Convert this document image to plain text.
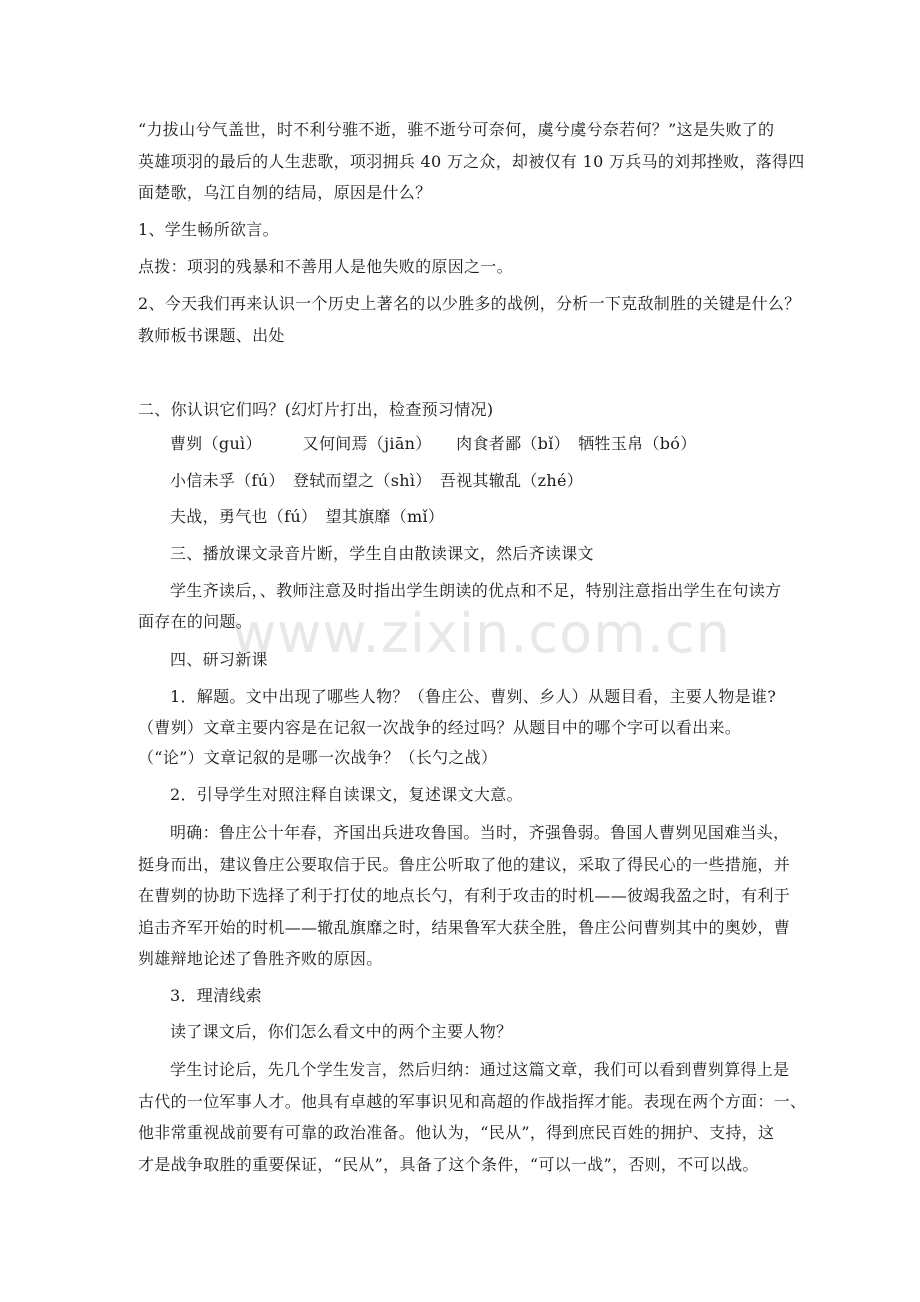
www.zixin.com.cn
“力拔山兮气盖世，时不利兮骓不逝，骓不逝兮可奈何，虞兮虞兮奈若何？”这是失败了的
英雄项羽的最后的人生悲歌，项羽拥兵 40 万之众，却被仅有 10 万兵马的刘邦挫败，落得四
面楚歌，乌江自刎的结局，原因是什么？
1、学生畅所欲言。
点拨：项羽的残暴和不善用人是他失败的原因之一。
2、今天我们再来认识一个历史上著名的以少胜多的战例，分析一下克敌制胜的关键是什么？
教师板书课题、出处
二、你认识它们吗？(幻灯片打出，检查预习情况)
曹刿（guì）　　　又何间焉（jiān）　　肉食者鄙（bǐ）　牺牲玉帛（bó）
小信未孚（fú）　登轼而望之（shì）　吾视其辙乱（zhé）
夫战，勇气也（fú）　望其旗靡（mǐ）
三、播放课文录音片断，学生自由散读课文，然后齐读课文
学生齐读后，、教师注意及时指出学生朗读的优点和不足，特别注意指出学生在句读方
面存在的问题。
四、研习新课
1．解题。文中出现了哪些人物？（鲁庄公、曹刿、乡人）从题目看，主要人物是谁?
（曹刿）文章主要内容是在记叙一次战争的经过吗？从题目中的哪个字可以看出来。
（“论”）文章记叙的是哪一次战争？（长勺之战）
2．引导学生对照注释自读课文，复述课文大意。
明确：鲁庄公十年春，齐国出兵进攻鲁国。当时，齐强鲁弱。鲁国人曹刿见国难当头，
挺身而出，建议鲁庄公要取信于民。鲁庄公听取了他的建议，采取了得民心的一些措施，并
在曹刿的协助下选择了利于打仗的地点长勺，有利于攻击的时机——彼竭我盈之时，有利于
追击齐军开始的时机——辙乱旗靡之时，结果鲁军大获全胜，鲁庄公问曹刿其中的奥妙，曹
刿雄辩地论述了鲁胜齐败的原因。
3．理清线索
读了课文后，你们怎么看文中的两个主要人物？
学生讨论后，先几个学生发言，然后归纳：通过这篇文章，我们可以看到曹刿算得上是
古代的一位军事人才。他具有卓越的军事识见和高超的作战指挥才能。表现在两个方面：一、
他非常重视战前要有可靠的政治准备。他认为，“民从”，得到庶民百姓的拥护、支持，这
才是战争取胜的重要保证，“民从”，具备了这个条件，“可以一战”，否则，不可以战。
